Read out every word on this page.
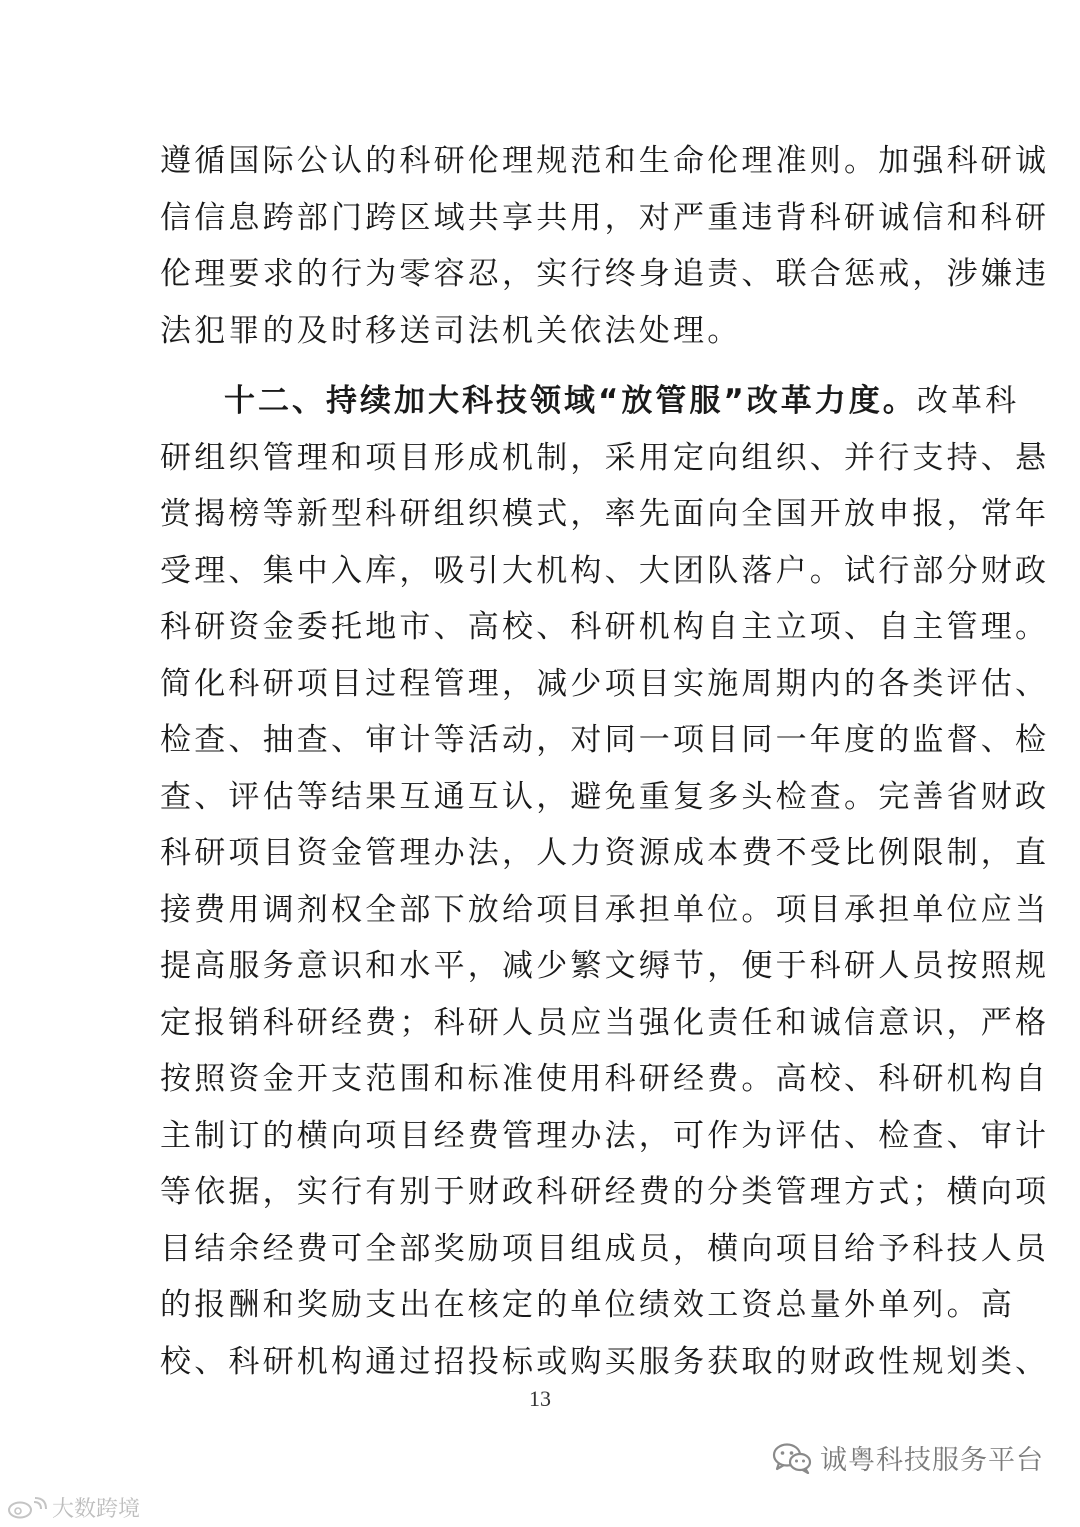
遵循国际公认的科研伦理规范和生命伦理准则。加强科研诚
信信息跨部门跨区域共享共用，对严重违背科研诚信和科研
伦理要求的行为零容忍，实行终身追责、联合惩戒，涉嫌违
法犯罪的及时移送司法机关依法处理。
十二、持续加大科技领域“放管服”改革力度。改革科
研组织管理和项目形成机制，采用定向组织、并行支持、悬
赏揭榜等新型科研组织模式，率先面向全国开放申报，常年
受理、集中入库，吸引大机构、大团队落户。试行部分财政
科研资金委托地市、高校、科研机构自主立项、自主管理。
简化科研项目过程管理，减少项目实施周期内的各类评估、
检查、抽查、审计等活动，对同一项目同一年度的监督、检
查、评估等结果互通互认，避免重复多头检查。完善省财政
科研项目资金管理办法，人力资源成本费不受比例限制，直
接费用调剂权全部下放给项目承担单位。项目承担单位应当
提高服务意识和水平，减少繁文缛节，便于科研人员按照规
定报销科研经费；科研人员应当强化责任和诚信意识，严格
按照资金开支范围和标准使用科研经费。高校、科研机构自
主制订的横向项目经费管理办法，可作为评估、检查、审计
等依据，实行有别于财政科研经费的分类管理方式；横向项
目结余经费可全部奖励项目组成员，横向项目给予科技人员
的报酬和奖励支出在核定的单位绩效工资总量外单列。高
校、科研机构通过招投标或购买服务获取的财政性规划类、
13
诚粤科技服务平台
大数跨境
